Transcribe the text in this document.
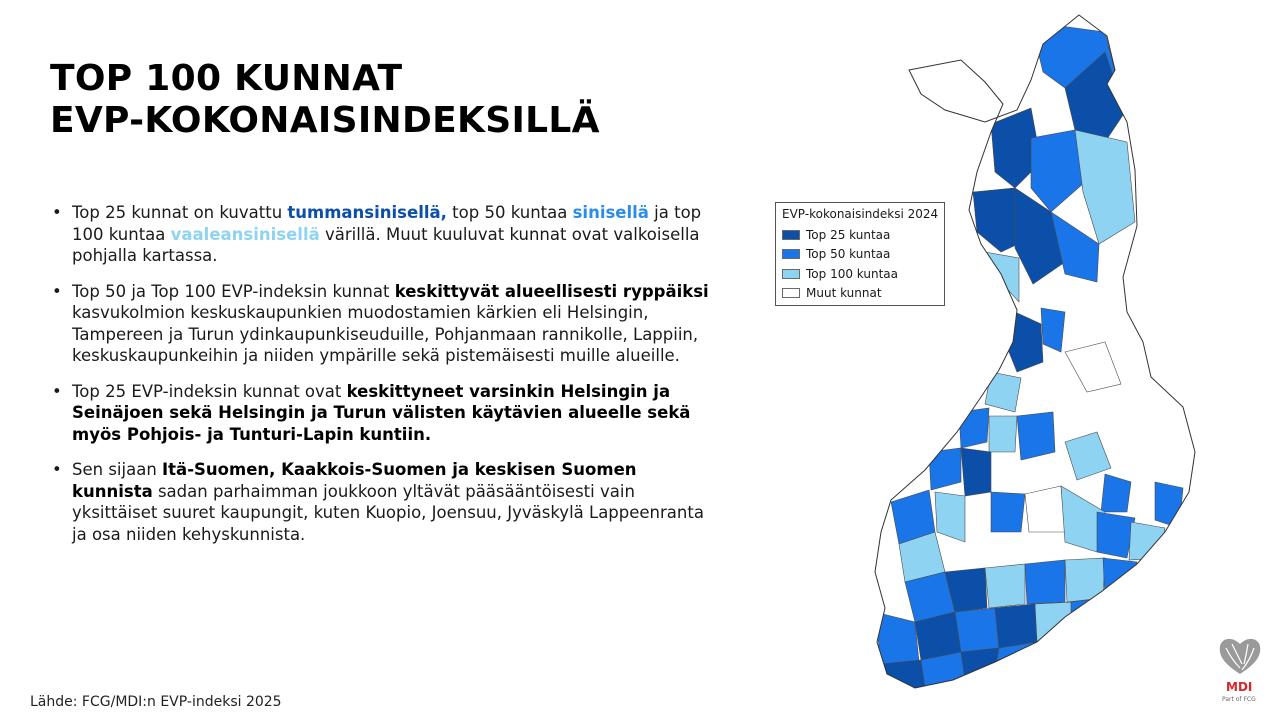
TOP 100 KUNNAT
EVP-KOKONAISINDEKSILLÄ
• Top 25 kunnat on kuvattu tummansinisellä, top 50 kuntaa sinisellä ja top 100 kuntaa vaaleansinisellä värillä. Muut kuuluvat kunnat ovat valkoisella pohjalla kartassa.
• Top 50 ja Top 100 EVP-indeksin kunnat keskittyvät alueellisesti ryppäiksi kasvukolmion keskuskaupunkien muodostamien kärkien eli Helsingin, Tampereen ja Turun ydinkaupunkiseuduille, Pohjanmaan rannikolle, Lappiin, keskuskaupunkeihin ja niiden ympärille sekä pistemäisesti muille alueille.
• Top 25 EVP-indeksin kunnat ovat keskittyneet varsinkin Helsingin ja Seinäjoen sekä Helsingin ja Turun välisten käytävien alueelle sekä myös Pohjois- ja Tunturi-Lapin kuntiin.
• Sen sijaan Itä-Suomen, Kaakkois-Suomen ja keskisen Suomen kunnista sadan parhaimman joukkoon yltävät pääsääntöisesti vain yksittäiset suuret kaupungit, kuten Kuopio, Joensuu, Jyväskylä Lappeenranta ja osa niiden kehyskunnista.
EVP-kokonaisindeksi 2024
Top 25 kuntaa
Top 50 kuntaa
Top 100 kuntaa
Muut kunnat
Lähde: FCG/MDI:n EVP-indeksi 2025
MDI
Part of FCG
